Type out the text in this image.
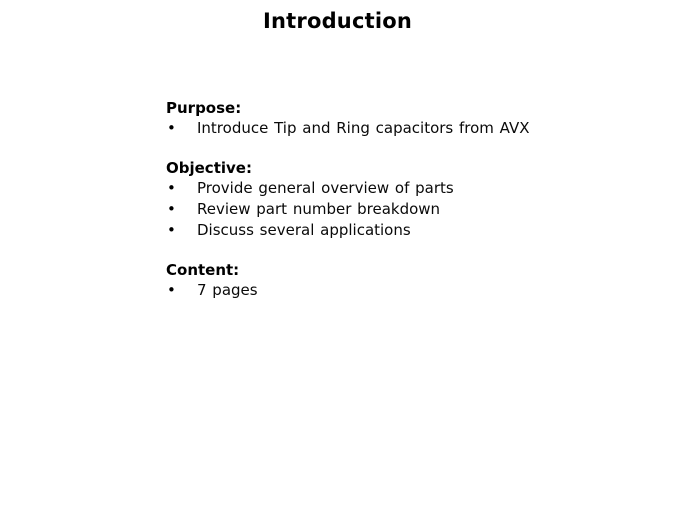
Introduction
Purpose:
• Introduce Tip and Ring capacitors from AVX
Objective:
• Provide general overview of parts
• Review part number breakdown
• Discuss several applications
Content:
• 7 pages
